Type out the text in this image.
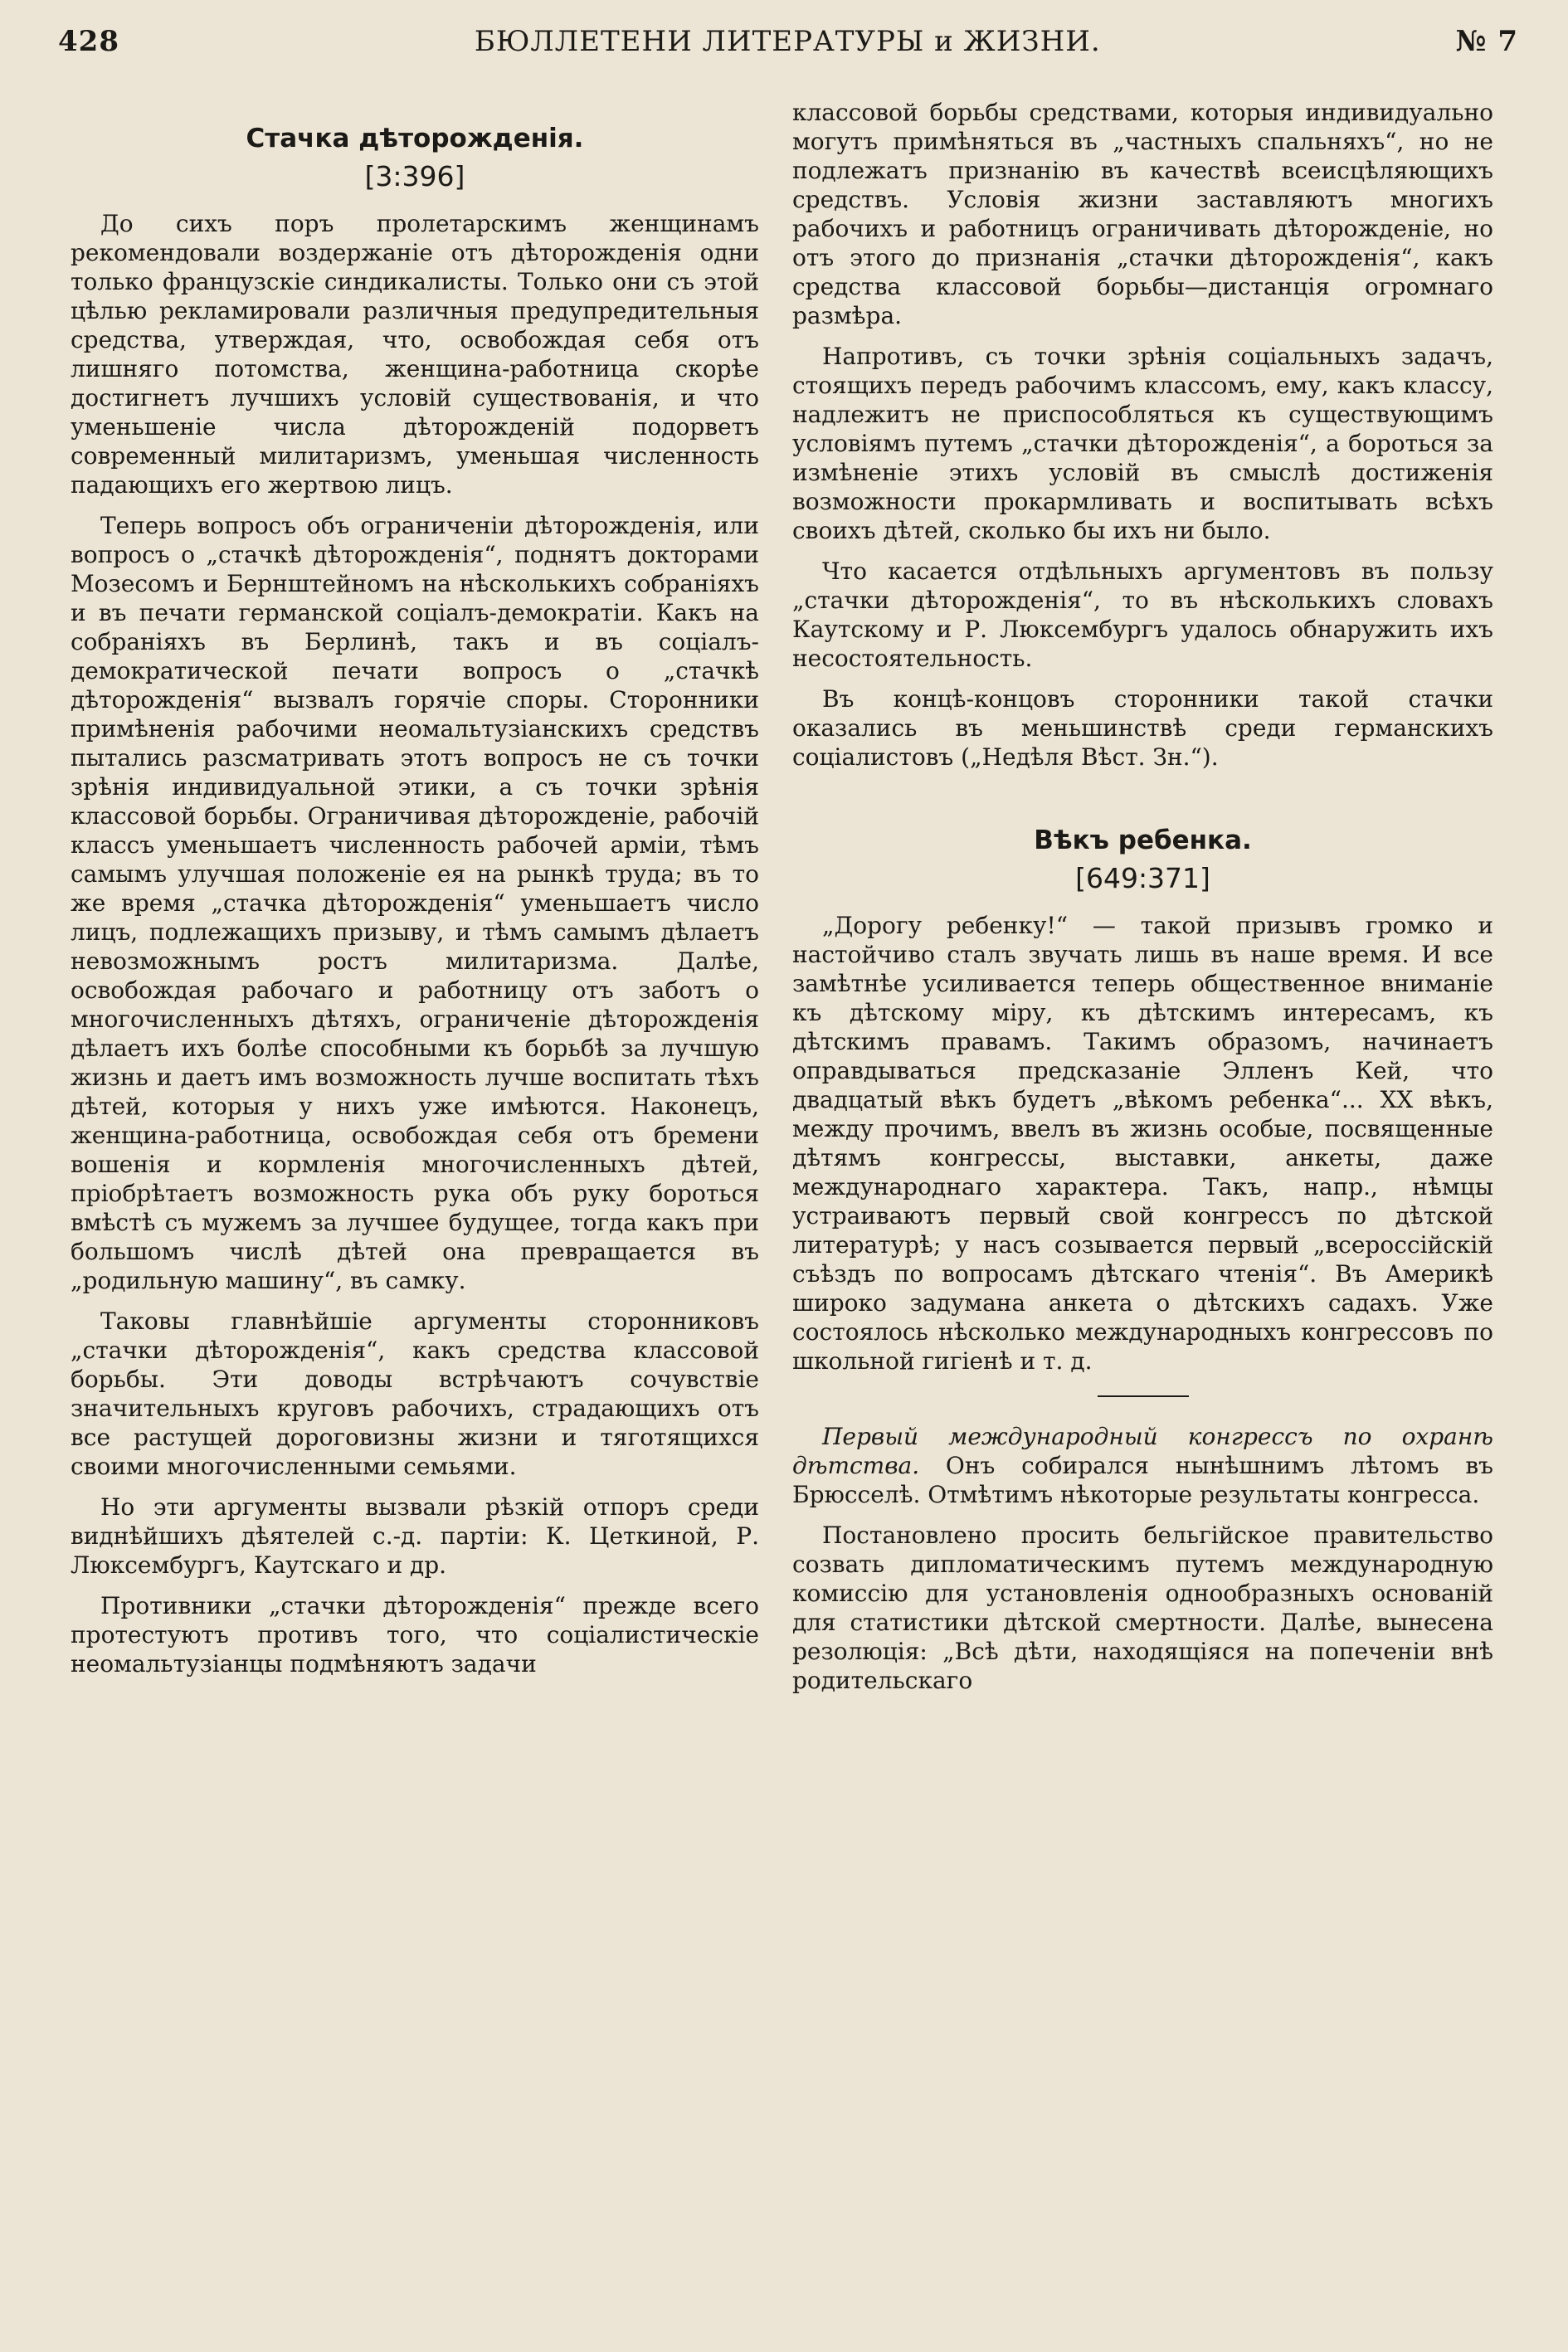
428	БЮЛЛЕТЕНИ ЛИТЕРАТУРЫ и ЖИЗНИ.	№ 7
Стачка дѣторожденія.
[3:396]

До сихъ поръ пролетарскимъ женщинамъ рекомендовали воздержаніе отъ дѣторожденія одни только французскіе синдикалисты. Только они съ этой цѣлью рекламировали различныя предупредительныя средства, утверждая, что, освобождая себя отъ лишняго потомства, женщина-работница скорѣе достигнетъ лучшихъ условій существованія, и что уменьшеніе числа дѣторожденій подорветъ современный милитаризмъ, уменьшая численность падающихъ его жертвою лицъ.

Теперь вопросъ объ ограниченіи дѣторожденія, или вопросъ о „стачкѣ дѣторожденія“, поднятъ докторами Мозесомъ и Бернштейномъ на нѣсколькихъ собраніяхъ и въ печати германской соціалъ-демократіи. Какъ на собраніяхъ въ Берлинѣ, такъ и въ соціалъ-демократической печати вопросъ о „стачкѣ дѣторожденія“ вызвалъ горячіе споры. Сторонники примѣненія рабочими неомальтузіанскихъ средствъ пытались разсматривать этотъ вопросъ не съ точки зрѣнія индивидуальной этики, а съ точки зрѣнія классовой борьбы. Ограничивая дѣторожденіе, рабочій классъ уменьшаетъ численность рабочей арміи, тѣмъ самымъ улучшая положеніе ея на рынкѣ труда; въ то же время „стачка дѣторожденія“ уменьшаетъ число лицъ, подлежащихъ призыву, и тѣмъ самымъ дѣлаетъ невозможнымъ ростъ милитаризма. Далѣе, освобождая рабочаго и работницу отъ заботъ о многочисленныхъ дѣтяхъ, ограниченіе дѣторожденія дѣлаетъ ихъ болѣе способными къ борьбѣ за лучшую жизнь и даетъ имъ возможность лучше воспитать тѣхъ дѣтей, которыя у нихъ уже имѣются. Наконецъ, женщина-работница, освобождая себя отъ бремени вошенія и кормленія многочисленныхъ дѣтей, пріобрѣтаетъ возможность рука объ руку бороться вмѣстѣ съ мужемъ за лучшее будущее, тогда какъ при большомъ числѣ дѣтей она превращается въ „родильную машину“, въ самку.

Таковы главнѣйшіе аргументы сторонниковъ „стачки дѣторожденія“, какъ средства классовой борьбы. Эти доводы встрѣчаютъ сочувствіе значительныхъ круговъ рабочихъ, страдающихъ отъ все растущей дороговизны жизни и тяготящихся своими многочисленными семьями.

Но эти аргументы вызвали рѣзкій отпоръ среди виднѣйшихъ дѣятелей с.-д. партіи: К. Цеткиной, Р. Люксембургъ, Каутскаго и др.

Противники „стачки дѣторожденія“ прежде всего протестуютъ противъ того, что соціалистическіе неомальтузіанцы подмѣняютъ задачи

классовой борьбы средствами, которыя индивидуально могутъ примѣняться въ „частныхъ спальняхъ“, но не подлежатъ признанію въ качествѣ всеисцѣляющихъ средствъ. Условія жизни заставляютъ многихъ рабочихъ и работницъ ограничивать дѣторожденіе, но отъ этого до признанія „стачки дѣторожденія“, какъ средства классовой борьбы—дистанція огромнаго размѣра.

Напротивъ, съ точки зрѣнія соціальныхъ задачъ, стоящихъ передъ рабочимъ классомъ, ему, какъ классу, надлежитъ не приспособляться къ существующимъ условіямъ путемъ „стачки дѣторожденія“, а бороться за измѣненіе этихъ условій въ смыслѣ достиженія возможности прокармливать и воспитывать всѣхъ своихъ дѣтей, сколько бы ихъ ни было.

Что касается отдѣльныхъ аргументовъ въ пользу „стачки дѣторожденія“, то въ нѣсколькихъ словахъ Каутскому и Р. Люксембургъ удалось обнаружить ихъ несостоятельность.

Въ концѣ-концовъ сторонники такой стачки оказались въ меньшинствѣ среди германскихъ соціалистовъ („Недѣля Вѣст. Зн.“).

Вѣкъ ребенка.
[649:371]

„Дорогу ребенку!“ — такой призывъ громко и настойчиво сталъ звучать лишь въ наше время. И все замѣтнѣе усиливается теперь общественное вниманіе къ дѣтскому міру, къ дѣтскимъ интересамъ, къ дѣтскимъ правамъ. Такимъ образомъ, начинаетъ оправдываться предсказаніе Элленъ Кей, что двадцатый вѣкъ будетъ „вѣкомъ ребенка“... XX вѣкъ, между прочимъ, ввелъ въ жизнь особые, посвященные дѣтямъ конгрессы, выставки, анкеты, даже международнаго характера. Такъ, напр., нѣмцы устраиваютъ первый свой конгрессъ по дѣтской литературѣ; у насъ созывается первый „всероссійскій съѣздъ по вопросамъ дѣтскаго чтенія“. Въ Америкѣ широко задумана анкета о дѣтскихъ садахъ. Уже состоялось нѣсколько международныхъ конгрессовъ по школьной гигіенѣ и т. д.

Первый международный конгрессъ по охранѣ дѣтства. Онъ собирался нынѣшнимъ лѣтомъ въ Брюсселѣ. Отмѣтимъ нѣкоторые результаты конгресса.

Постановлено просить бельгійское правительство созвать дипломатическимъ путемъ международную комиссію для установленія однообразныхъ основаній для статистики дѣтской смертности. Далѣе, вынесена резолюція: „Всѣ дѣти, находящіяся на попеченіи внѣ родительскаго
